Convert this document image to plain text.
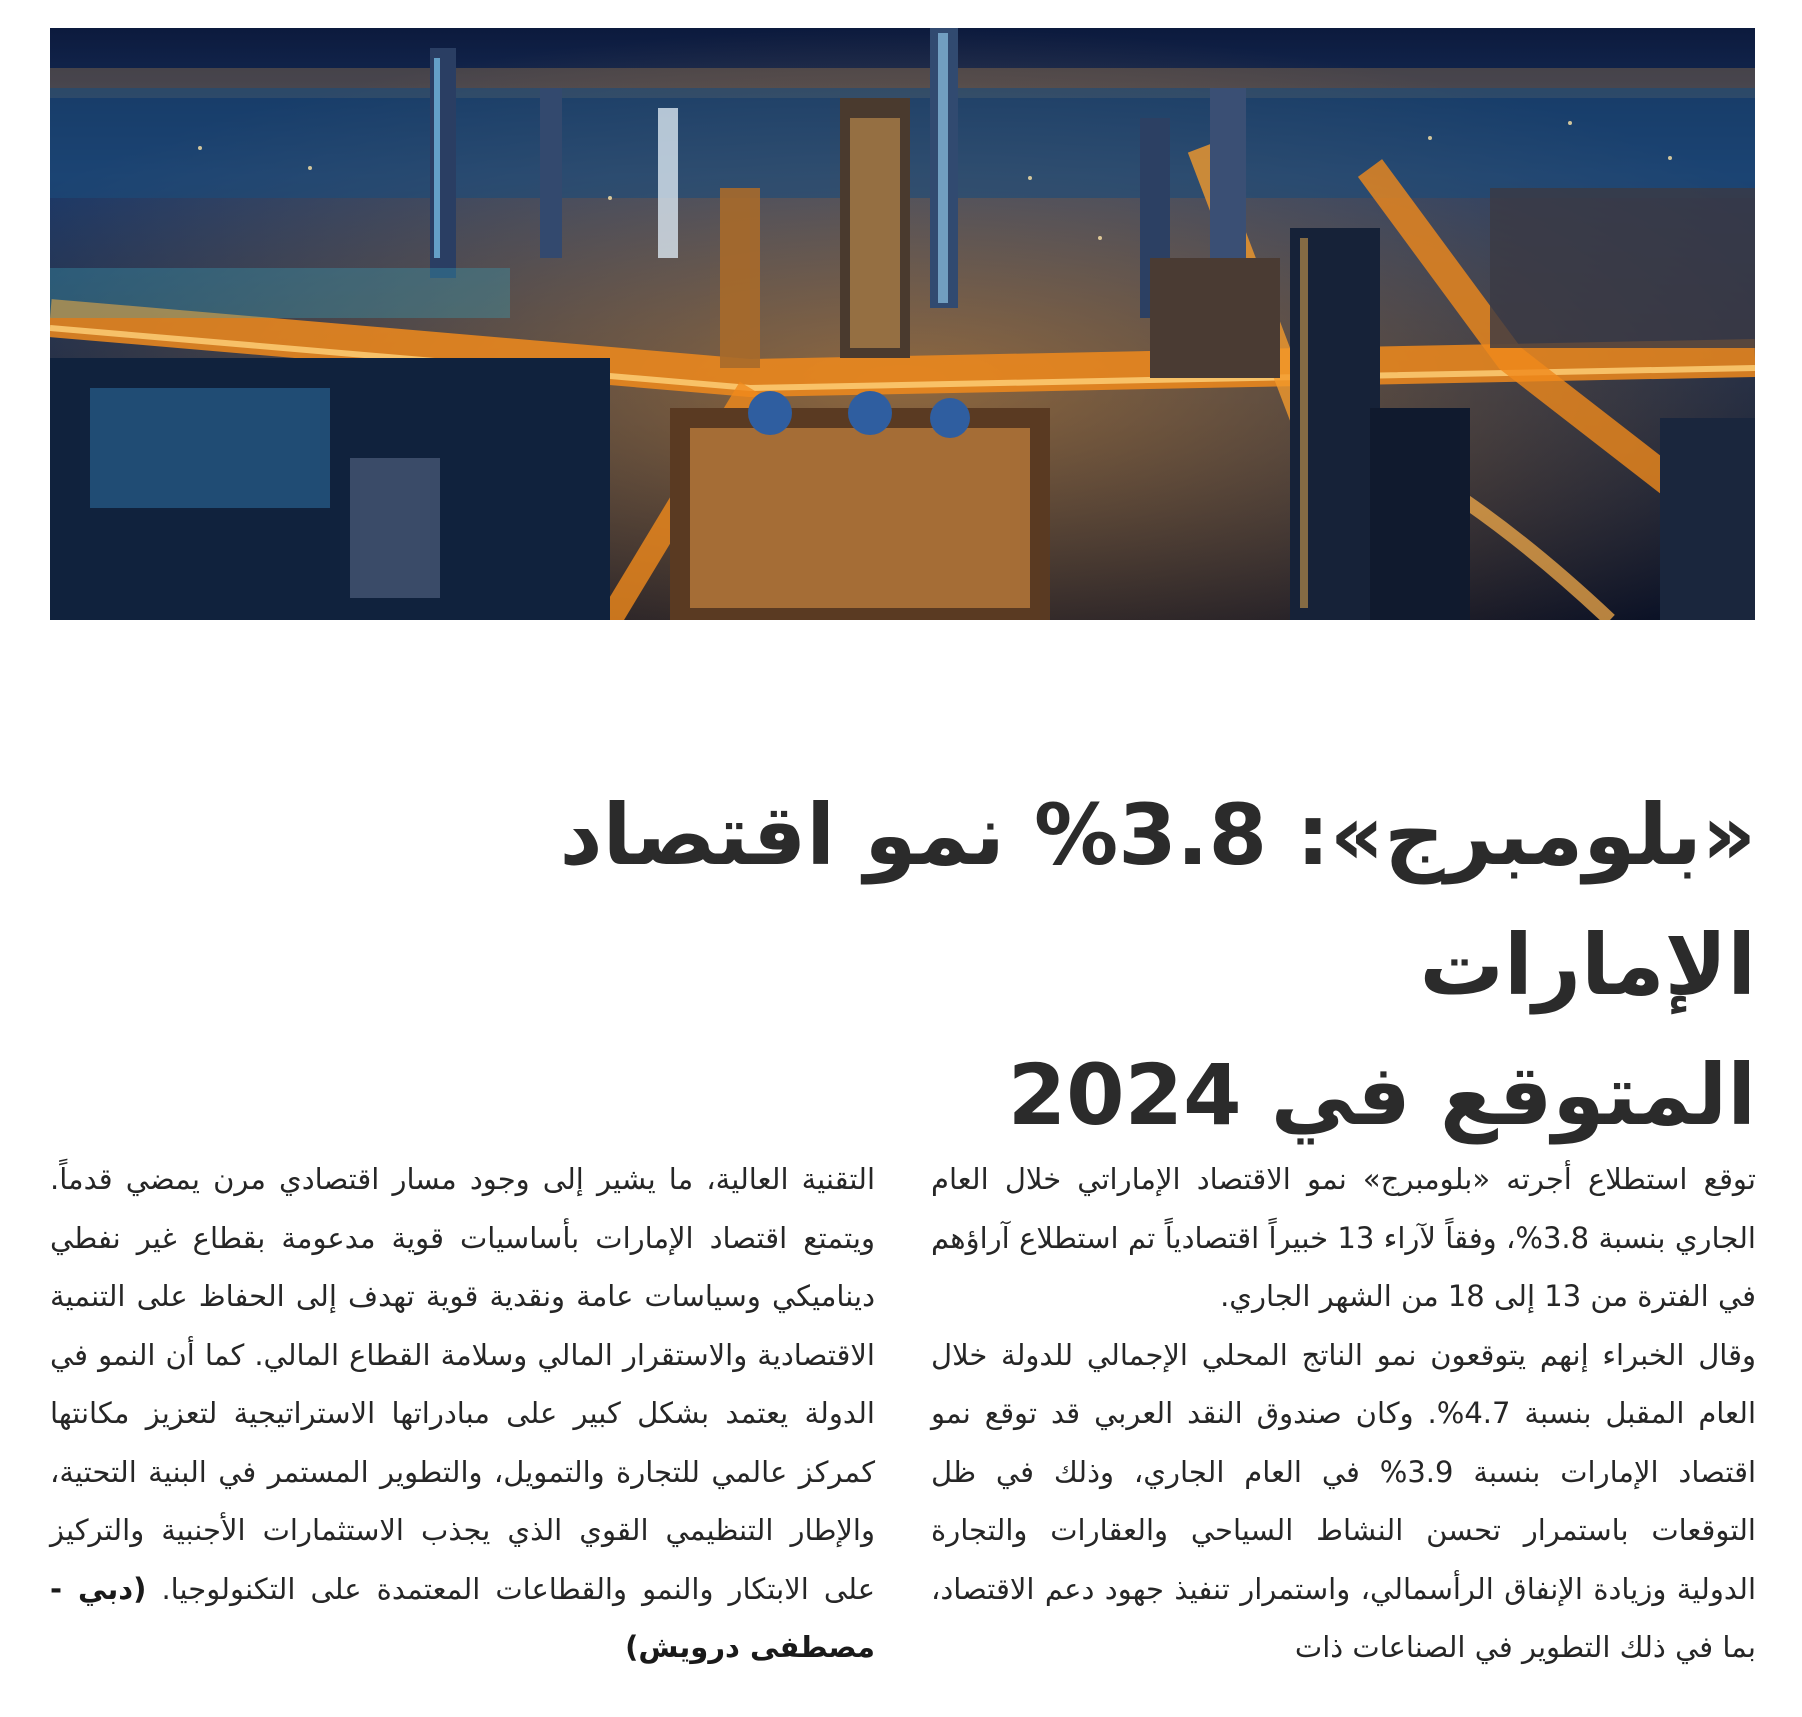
«بلومبرج»: 3.8% نمو اقتصاد الإمارات
المتوقع في 2024

توقع استطلاع أجرته «بلومبرج» نمو الاقتصاد الإماراتي خلال العام الجاري بنسبة 3.8%، وفقاً لآراء 13 خبيراً اقتصادياً تم استطلاع آراؤهم في الفترة من 13 إلى 18 من الشهر الجاري.

وقال الخبراء إنهم يتوقعون نمو الناتج المحلي الإجمالي للدولة خلال العام المقبل بنسبة 4.7%. وكان صندوق النقد العربي قد توقع نمو اقتصاد الإمارات بنسبة 3.9% في العام الجاري، وذلك في ظل التوقعات باستمرار تحسن النشاط السياحي والعقارات والتجارة الدولية وزيادة الإنفاق الرأسمالي، واستمرار تنفيذ جهود دعم الاقتصاد، بما في ذلك التطوير في الصناعات ذات

التقنية العالية، ما يشير إلى وجود مسار اقتصادي مرن يمضي قدماً. ويتمتع اقتصاد الإمارات بأساسيات قوية مدعومة بقطاع غير نفطي ديناميكي وسياسات عامة ونقدية قوية تهدف إلى الحفاظ على التنمية الاقتصادية والاستقرار المالي وسلامة القطاع المالي. كما أن النمو في الدولة يعتمد بشكل كبير على مبادراتها الاستراتيجية لتعزيز مكانتها كمركز عالمي للتجارة والتمويل، والتطوير المستمر في البنية التحتية، والإطار التنظيمي القوي الذي يجذب الاستثمارات الأجنبية والتركيز على الابتكار والنمو والقطاعات المعتمدة على التكنولوجيا. (دبي - مصطفى درويش)
